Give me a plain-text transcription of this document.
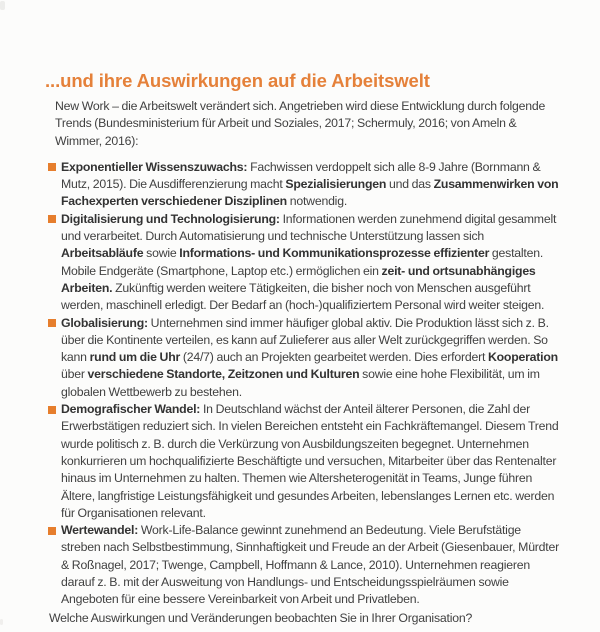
...und ihre Auswirkungen auf die Arbeitswelt

New Work – die Arbeitswelt verändert sich. Angetrieben wird diese Entwicklung durch folgende Trends (Bundesministerium für Arbeit und Soziales, 2017; Schermuly, 2016; von Ameln & Wimmer, 2016):

Exponentieller Wissenszuwachs: Fachwissen verdoppelt sich alle 8-9 Jahre (Bornmann & Mutz, 2015). Die Ausdifferenzierung macht Spezialisierungen und das Zusammenwirken von Fachexperten verschiedener Disziplinen notwendig.
Digitalisierung und Technologisierung: Informationen werden zunehmend digital gesammelt und verarbeitet. Durch Automatisierung und technische Unterstützung lassen sich Arbeitsabläufe sowie Informations- und Kommunikationsprozesse effizienter gestalten. Mobile Endgeräte (Smartphone, Laptop etc.) ermöglichen ein zeit- und ortsunabhängiges Arbeiten. Zukünftig werden weitere Tätigkeiten, die bisher noch von Menschen ausgeführt werden, maschinell erledigt. Der Bedarf an (hoch-)qualifiziertem Personal wird weiter steigen.
Globalisierung: Unternehmen sind immer häufiger global aktiv. Die Produktion lässt sich z. B. über die Kontinente verteilen, es kann auf Zulieferer aus aller Welt zurückgegriffen werden. So kann rund um die Uhr (24/7) auch an Projekten gearbeitet werden. Dies erfordert Kooperation über verschiedene Standorte, Zeitzonen und Kulturen sowie eine hohe Flexibilität, um im globalen Wettbewerb zu bestehen.
Demografischer Wandel: In Deutschland wächst der Anteil älterer Personen, die Zahl der Erwerbstätigen reduziert sich. In vielen Bereichen entsteht ein Fachkräftemangel. Diesem Trend wurde politisch z. B. durch die Verkürzung von Ausbildungszeiten begegnet. Unternehmen konkurrieren um hochqualifizierte Beschäftigte und versuchen, Mitarbeiter über das Rentenalter hinaus im Unternehmen zu halten. Themen wie Altersheterogenität in Teams, Junge führen Ältere, langfristige Leistungsfähigkeit und gesundes Arbeiten, lebenslanges Lernen etc. werden für Organisationen relevant.
Wertewandel: Work-Life-Balance gewinnt zunehmend an Bedeutung. Viele Berufstätige streben nach Selbstbestimmung, Sinnhaftigkeit und Freude an der Arbeit (Giesenbauer, Mürdter & Roßnagel, 2017; Twenge, Campbell, Hoffmann & Lance, 2010). Unternehmen reagieren darauf z. B. mit der Ausweitung von Handlungs- und Entscheidungsspielräumen sowie Angeboten für eine bessere Vereinbarkeit von Arbeit und Privatleben.

Welche Auswirkungen und Veränderungen beobachten Sie in Ihrer Organisation?
